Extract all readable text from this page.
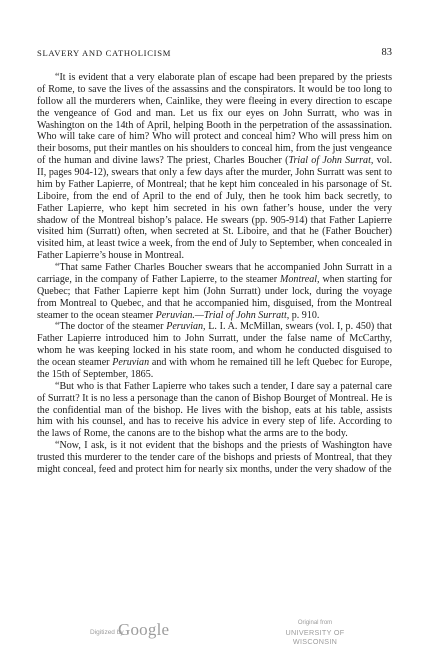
SLAVERY AND CATHOLICISM	83

“It is evident that a very elaborate plan of escape had been prepared by the priests of Rome, to save the lives of the assassins and the conspirators. It would be too long to follow all the murderers when, Cainlike, they were fleeing in every direction to escape the vengeance of God and man. Let us fix our eyes on John Surratt, who was in Washington on the 14th of April, helping Booth in the perpetration of the assassination. Who will take care of him? Who will protect and conceal him? Who will press him on their bosoms, put their mantles on his shoulders to conceal him, from the just vengeance of the human and divine laws? The priest, Charles Boucher (Trial of John Surrat, vol. II, pages 904-12), swears that only a few days after the murder, John Surratt was sent to him by Father Lapierre, of Montreal; that he kept him concealed in his parsonage of St. Liboire, from the end of April to the end of July, then he took him back secretly, to Father Lapierre, who kept him secreted in his own father’s house, under the very shadow of the Montreal bishop’s palace. He swears (pp. 905-914) that Father Lapierre visited him (Surratt) often, when secreted at St. Liboire, and that he (Father Boucher) visited him, at least twice a week, from the end of July to September, when concealed in Father Lapierre’s house in Montreal.

“That same Father Charles Boucher swears that he accompanied John Surratt in a carriage, in the company of Father Lapierre, to the steamer Montreal, when starting for Quebec; that Father Lapierre kept him (John Surratt) under lock, during the voyage from Montreal to Quebec, and that he accompanied him, disguised, from the Montreal steamer to the ocean steamer Peruvian.—Trial of John Surratt, p. 910.

“The doctor of the steamer Peruvian, L. I. A. McMillan, swears (vol. I, p. 450) that Father Lapierre introduced him to John Surratt, under the false name of McCarthy, whom he was keeping locked in his state room, and whom he conducted disguised to the ocean steamer Peruvian and with whom he remained till he left Quebec for Europe, the 15th of September, 1865.

“But who is that Father Lapierre who takes such a tender, I dare say a paternal care of Surratt? It is no less a personage than the canon of Bishop Bourget of Montreal. He is the confidential man of the bishop. He lives with the bishop, eats at his table, assists him with his counsel, and has to receive his advice in every step of life. According to the laws of Rome, the canons are to the bishop what the arms are to the body.

“Now, I ask, is it not evident that the bishops and the priests of Washington have trusted this murderer to the tender care of the bishops and priests of Montreal, that they might conceal, feed and protect him for nearly six months, under the very shadow of the

Digitized by
Google	Original from
UNIVERSITY OF WISCONSIN
